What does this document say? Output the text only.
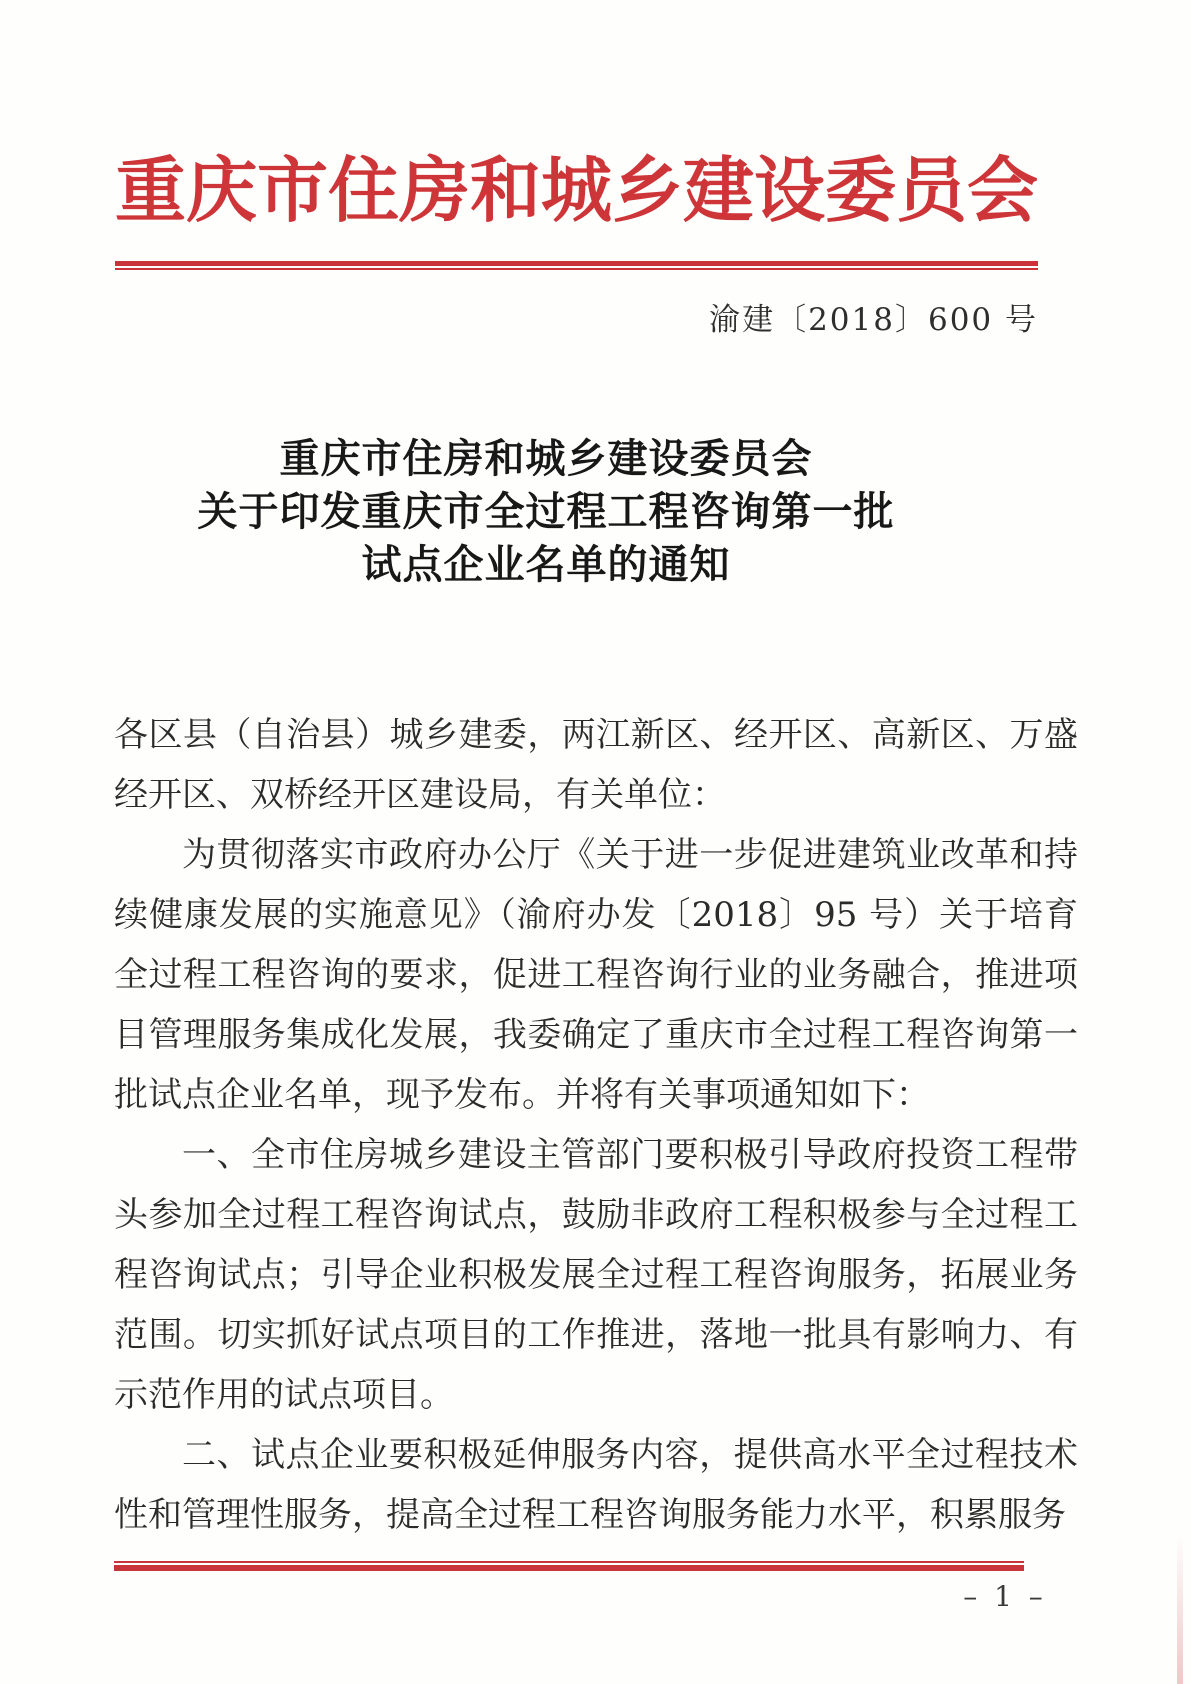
重庆市住房和城乡建设委员会
渝建〔2018〕600 号
重庆市住房和城乡建设委员会
关于印发重庆市全过程工程咨询第一批
试点企业名单的通知

各区县（自治县）城乡建委，两江新区、经开区、高新区、万盛经开区、双桥经开区建设局，有关单位：

为贯彻落实市政府办公厅《关于进一步促进建筑业改革和持续健康发展的实施意见》（渝府办发〔2018〕95 号）关于培育全过程工程咨询的要求，促进工程咨询行业的业务融合，推进项目管理服务集成化发展，我委确定了重庆市全过程工程咨询第一批试点企业名单，现予发布。并将有关事项通知如下：

一、全市住房城乡建设主管部门要积极引导政府投资工程带头参加全过程工程咨询试点，鼓励非政府工程积极参与全过程工程咨询试点；引导企业积极发展全过程工程咨询服务，拓展业务范围。切实抓好试点项目的工作推进，落地一批具有影响力、有示范作用的试点项目。

二、试点企业要积极延伸服务内容，提供高水平全过程技术性和管理性服务，提高全过程工程咨询服务能力水平，积累服务

– 1 –
